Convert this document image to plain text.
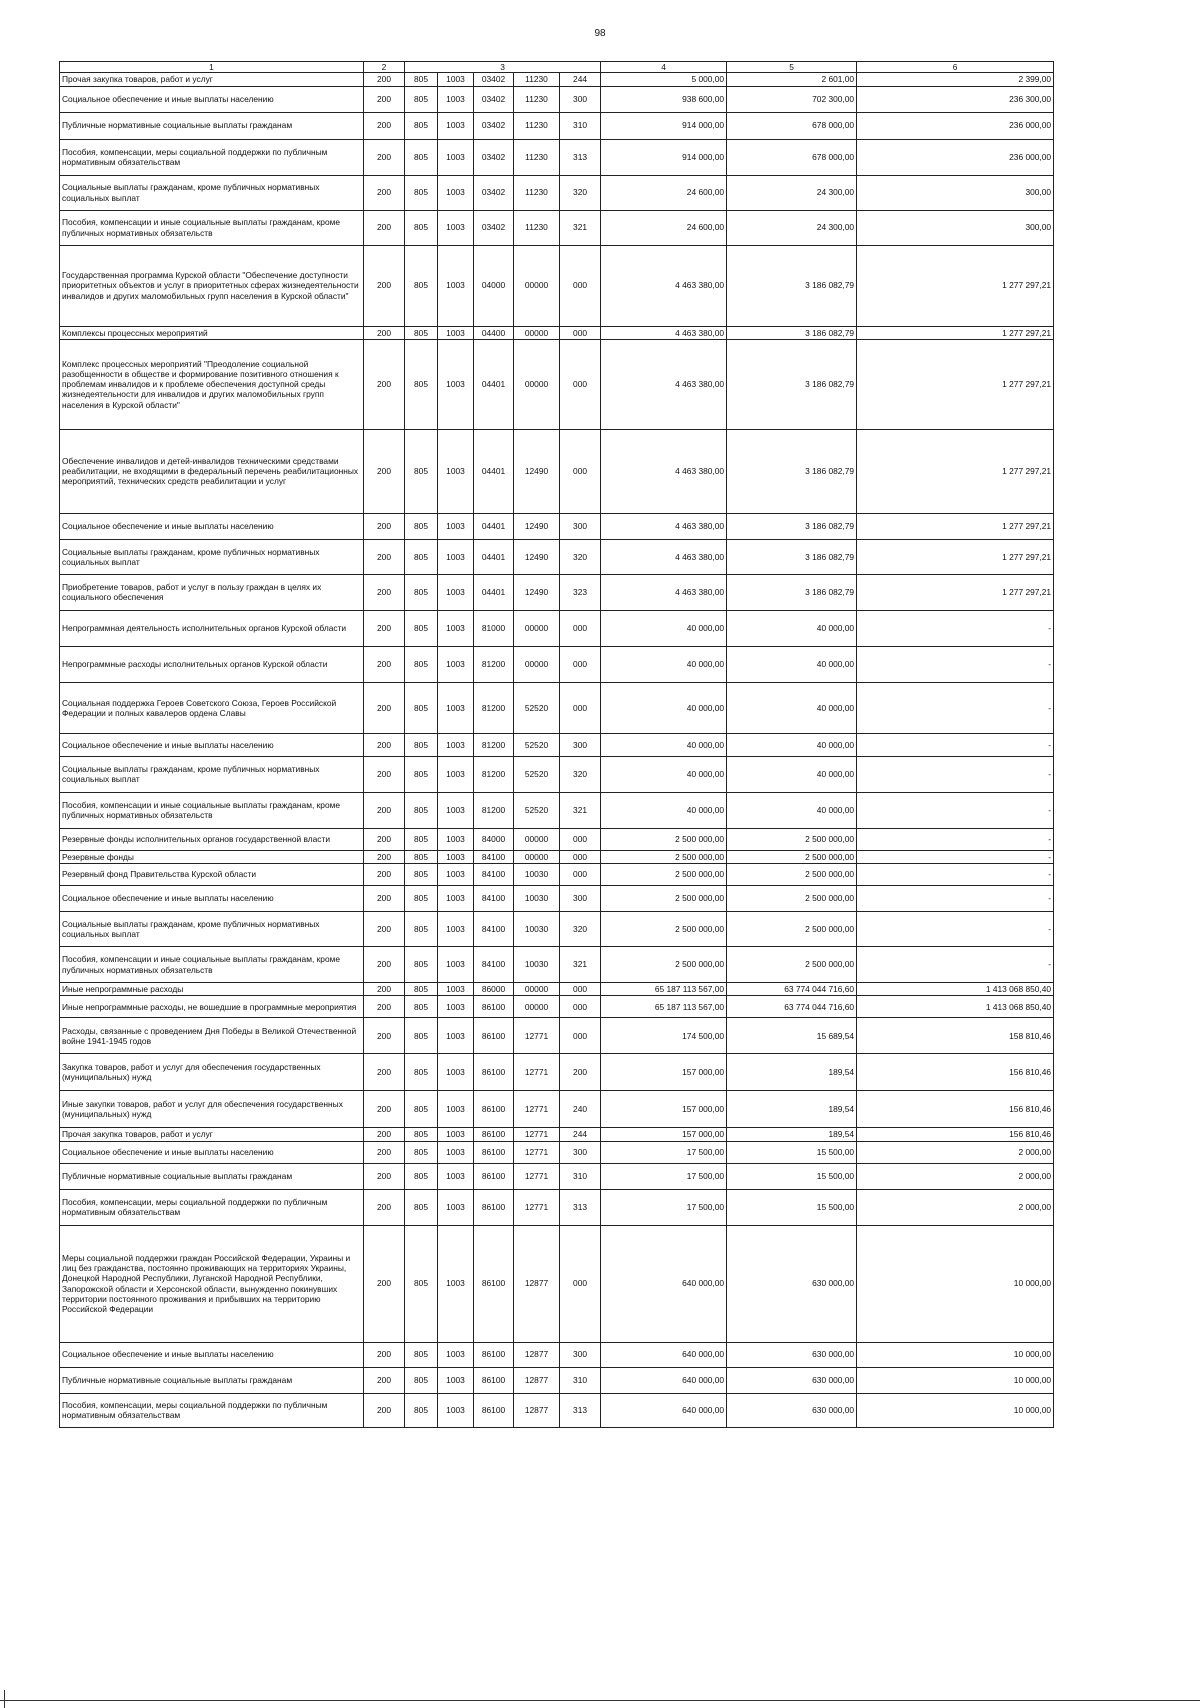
98
1	2	3					4	5	6
Прочая закупка товаров, работ и услуг	200	805	1003	03402	11230	244	5 000,00	2 601,00	2 399,00
Социальное обеспечение и иные выплаты населению	200	805	1003	03402	11230	300	938 600,00	702 300,00	236 300,00
Публичные нормативные социальные выплаты гражданам	200	805	1003	03402	11230	310	914 000,00	678 000,00	236 000,00
Пособия, компенсации, меры социальной поддержки по публичным нормативным обязательствам	200	805	1003	03402	11230	313	914 000,00	678 000,00	236 000,00
Социальные выплаты гражданам, кроме публичных нормативных социальных выплат	200	805	1003	03402	11230	320	24 600,00	24 300,00	300,00
Пособия, компенсации и иные социальные выплаты гражданам, кроме публичных нормативных обязательств	200	805	1003	03402	11230	321	24 600,00	24 300,00	300,00
Государственная программа Курской области "Обеспечение доступности приоритетных объектов и услуг в приоритетных сферах жизнедеятельности инвалидов и других маломобильных групп населения в Курской области"	200	805	1003	04000	00000	000	4 463 380,00	3 186 082,79	1 277 297,21
Комплексы процессных мероприятий	200	805	1003	04400	00000	000	4 463 380,00	3 186 082,79	1 277 297,21
Комплекс процессных мероприятий "Преодоление социальной разобщенности в обществе и формирование позитивного отношения к проблемам инвалидов и к проблеме обеспечения доступной среды жизнедеятельности для инвалидов и других маломобильных групп населения в Курской области"	200	805	1003	04401	00000	000	4 463 380,00	3 186 082,79	1 277 297,21
Обеспечение инвалидов и детей-инвалидов техническими средствами реабилитации, не входящими в федеральный перечень реабилитационных мероприятий, технических средств реабилитации и услуг	200	805	1003	04401	12490	000	4 463 380,00	3 186 082,79	1 277 297,21
Социальное обеспечение и иные выплаты населению	200	805	1003	04401	12490	300	4 463 380,00	3 186 082,79	1 277 297,21
Социальные выплаты гражданам, кроме публичных нормативных социальных выплат	200	805	1003	04401	12490	320	4 463 380,00	3 186 082,79	1 277 297,21
Приобретение товаров, работ и услуг в пользу граждан в целях их социального обеспечения	200	805	1003	04401	12490	323	4 463 380,00	3 186 082,79	1 277 297,21
Непрограммная деятельность исполнительных органов Курской области	200	805	1003	81000	00000	000	40 000,00	40 000,00	-
Непрограммные расходы исполнительных органов Курской области	200	805	1003	81200	00000	000	40 000,00	40 000,00	-
Социальная поддержка Героев Советского Союза, Героев Российской Федерации и полных кавалеров ордена Славы	200	805	1003	81200	52520	000	40 000,00	40 000,00	-
Социальное обеспечение и иные выплаты населению	200	805	1003	81200	52520	300	40 000,00	40 000,00	-
Социальные выплаты гражданам, кроме публичных нормативных социальных выплат	200	805	1003	81200	52520	320	40 000,00	40 000,00	-
Пособия, компенсации и иные социальные выплаты гражданам, кроме публичных нормативных обязательств	200	805	1003	81200	52520	321	40 000,00	40 000,00	-
Резервные фонды исполнительных органов государственной власти	200	805	1003	84000	00000	000	2 500 000,00	2 500 000,00	-
Резервные фонды	200	805	1003	84100	00000	000	2 500 000,00	2 500 000,00	-
Резервный фонд Правительства Курской области	200	805	1003	84100	10030	000	2 500 000,00	2 500 000,00	-
Социальное обеспечение и иные выплаты населению	200	805	1003	84100	10030	300	2 500 000,00	2 500 000,00	-
Социальные выплаты гражданам, кроме публичных нормативных социальных выплат	200	805	1003	84100	10030	320	2 500 000,00	2 500 000,00	-
Пособия, компенсации и иные социальные выплаты гражданам, кроме публичных нормативных обязательств	200	805	1003	84100	10030	321	2 500 000,00	2 500 000,00	-
Иные непрограммные расходы	200	805	1003	86000	00000	000	65 187 113 567,00	63 774 044 716,60	1 413 068 850,40
Иные непрограммные расходы, не вошедшие в программные мероприятия	200	805	1003	86100	00000	000	65 187 113 567,00	63 774 044 716,60	1 413 068 850,40
Расходы, связанные с проведением Дня Победы в Великой Отечественной войне 1941-1945 годов	200	805	1003	86100	12771	000	174 500,00	15 689,54	158 810,46
Закупка товаров, работ и услуг для обеспечения государственных (муниципальных) нужд	200	805	1003	86100	12771	200	157 000,00	189,54	156 810,46
Иные закупки товаров, работ и услуг для обеспечения государственных (муниципальных) нужд	200	805	1003	86100	12771	240	157 000,00	189,54	156 810,46
Прочая закупка товаров, работ и услуг	200	805	1003	86100	12771	244	157 000,00	189,54	156 810,46
Социальное обеспечение и иные выплаты населению	200	805	1003	86100	12771	300	17 500,00	15 500,00	2 000,00
Публичные нормативные социальные выплаты гражданам	200	805	1003	86100	12771	310	17 500,00	15 500,00	2 000,00
Пособия, компенсации, меры социальной поддержки по публичным нормативным обязательствам	200	805	1003	86100	12771	313	17 500,00	15 500,00	2 000,00
Меры социальной поддержки граждан Российской Федерации, Украины и лиц без гражданства, постоянно проживающих на территориях Украины, Донецкой Народной Республики, Луганской Народной Республики, Запорожской области и Херсонской области, вынужденно покинувших территории постоянного проживания и прибывших на территорию Российской Федерации	200	805	1003	86100	12877	000	640 000,00	630 000,00	10 000,00
Социальное обеспечение и иные выплаты населению	200	805	1003	86100	12877	300	640 000,00	630 000,00	10 000,00
Публичные нормативные социальные выплаты гражданам	200	805	1003	86100	12877	310	640 000,00	630 000,00	10 000,00
Пособия, компенсации, меры социальной поддержки по публичным нормативным обязательствам	200	805	1003	86100	12877	313	640 000,00	630 000,00	10 000,00
